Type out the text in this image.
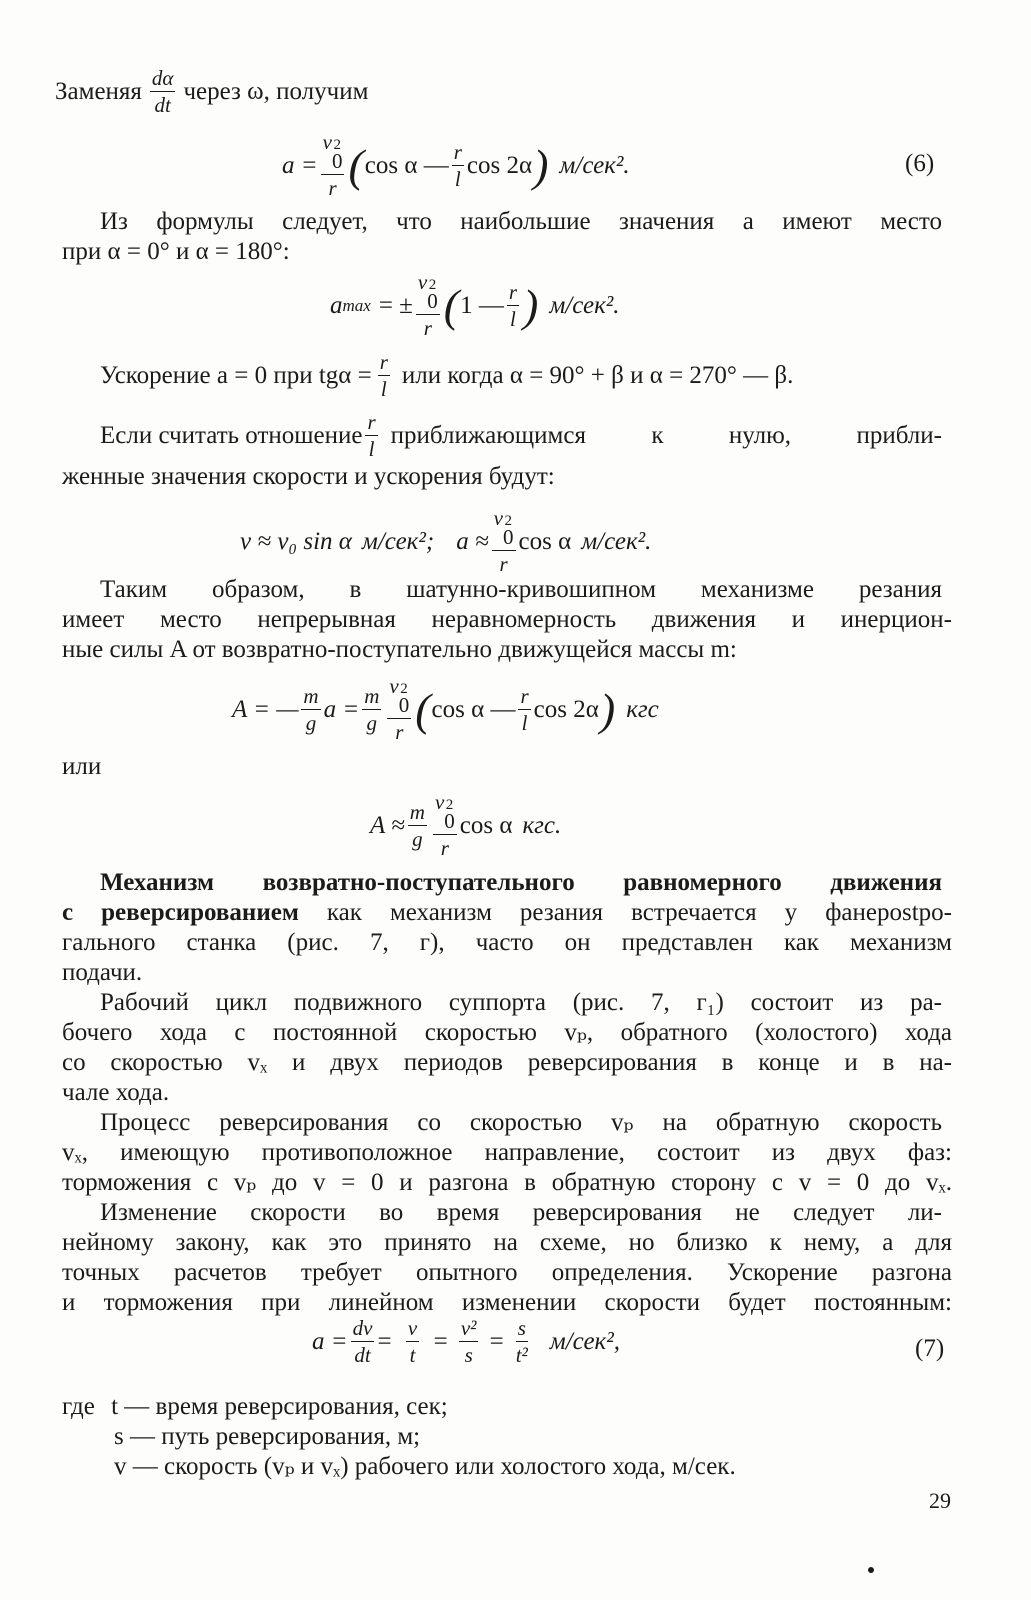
Заменяя $\frac{d\alpha}{dt}$ через ω, получим
a = v 2
0
r ( cos α — $\frac{r}{l}$ cos 2α ) м/сек².	(6)
Из формулы следует, что наибольшие значения a имеют место
при α = 0° и α = 180°:
a max = ± v 2
0
r ( 1 — $\frac{r}{l}$ ) м/сек².
Ускорение a = 0 при $tg\alpha = \frac{r}{l}$ или когда α = 90° + β и α = 270° — β.
Если считать отношение $\frac{r}{l}$ приближающимся к нулю, прибли-
женные значения скорости и ускорения будут:
v ≈ v₀ sin α м/сек²; a ≈ v 2
0
r cos α м/сек².
Таким образом, в шатунно-кривошипном механизме резания
имеет место непрерывная неравномерность движения и инерцион-
ные силы A от возвратно-поступательно движущейся массы m:
A = — $\frac{m}{g}$ $a = \frac{m}{g}$ v 2
0
r ( cos α — $\frac{r}{l}$ cos 2α ) кгс
или
$A \approx \frac{m}{g}$ v 2
0
r cos α кгс.
Механизм возвратно-поступательного равномерного движения
с реверсированием как механизм резания встречается у фанерostро-
гального станка (рис. 7, г), часто он представлен как механизм
подачи.
Рабочий цикл подвижного суппорта (рис. 7, г₁) состоит из ра-
бочего хода с постоянной скоростью vₚ, обратного (холостого) хода
со скоростью vₓ и двух периодов реверсирования в конце и в на-
чале хода.
Процесс реверсирования со скоростью vₚ на обратную скорость
vₓ, имеющую противоположное направление, состоит из двух фаз:
торможения с vₚ до v = 0 и разгона в обратную сторону с v = 0 до vₓ.
Изменение скорости во время реверсирования не следует ли-
нейному закону, как это принято на схеме, но близко к нему, а для
точных расчетов требует опытного определения. Ускорение разгона
и торможения при линейном изменении скорости будет постоянным:
$a = \frac{dv}{dt} = \frac{v}{t} = \frac{\text{v²}}{s} = \frac{s}{\text{t²}} м/сек^2$,	(7)
где t — время реверсирования, сек;
s — путь реверсирования, м;
v — скорость (vₚ и vₓ) рабочего или холостого хода, м/сек.
29
